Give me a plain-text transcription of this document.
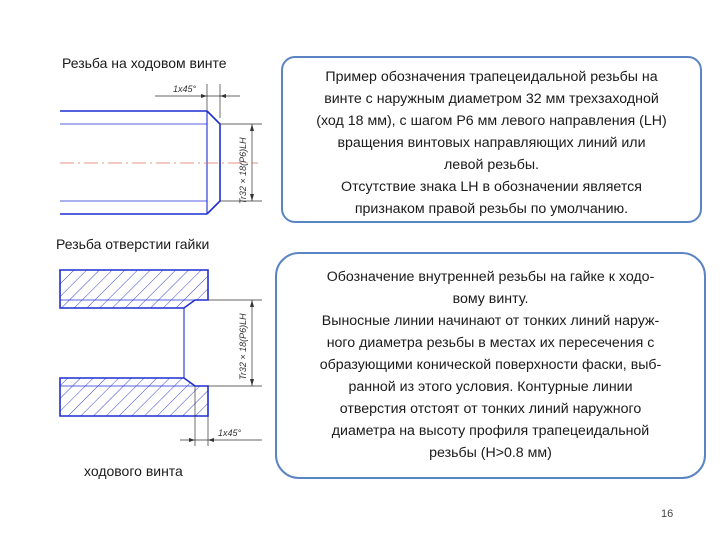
Резьба на ходовом винте
Резьба отверстии гайки
ходового винта
1х45°
Tr32 × 18(P6)LH
1х45°
Tr32 × 18(P6)LH

Пример обозначения трапецеидальной резьбы на

винте с наружным диаметром 32 мм трехзаходной

(ход 18 мм), с шагом Р6 мм левого направления (LH)

вращения винтовых направляющих линий или

левой резьбы.

Отсутствие знака LH в обозначении является

признаком правой резьбы по умолчанию.

Обозначение внутренней резьбы на гайке к ходо-

вому винту.

Выносные линии начинают от тонких линий наруж-

ного диаметра резьбы в местах их пересечения с

образующими конической поверхности фаски, выб-

ранной из этого условия. Контурные линии

отверстия отстоят от тонких линий наружного

диаметра на высоту профиля трапецеидальной

резьбы (H>0.8 мм)

16
